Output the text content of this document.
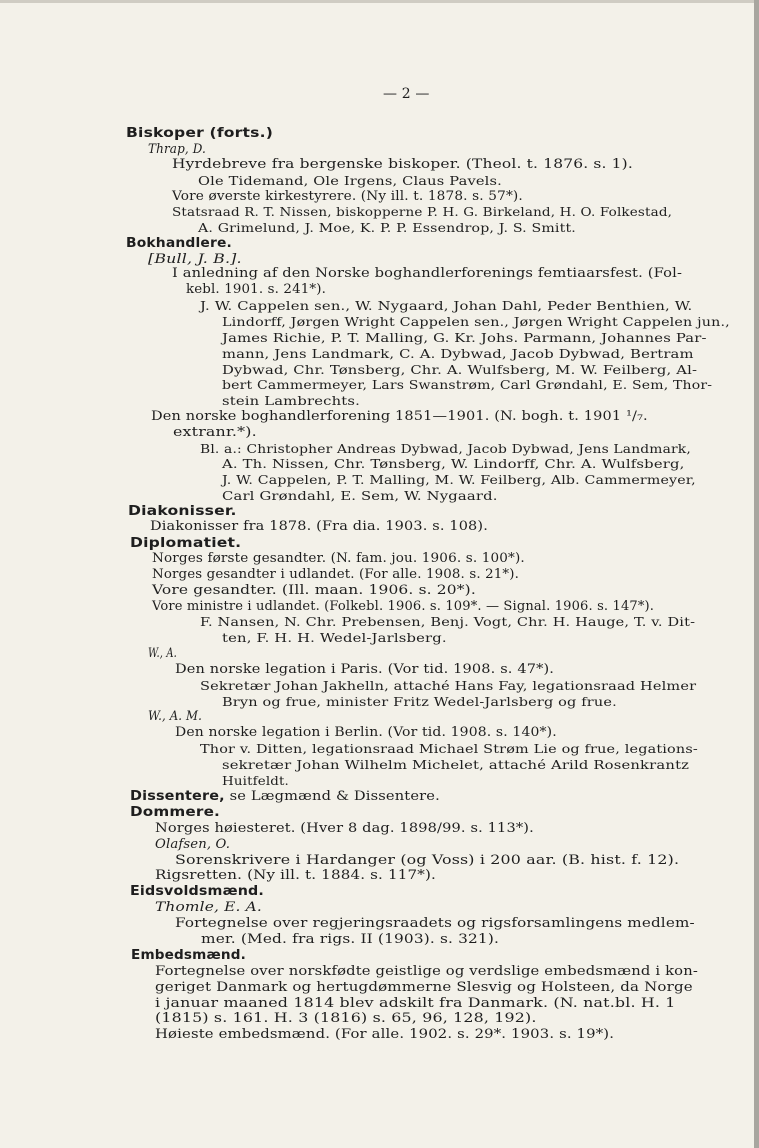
— 2 —
Biskoper (forts.)
Thrap, D.
Hyrdebreve fra bergenske biskoper. (Theol. t. 1876. s. 1).
Ole Tidemand, Ole Irgens, Claus Pavels.
Vore øverste kirkestyrere. (Ny ill. t. 1878. s. 57*).
Statsraad R. T. Nissen, biskopperne P. H. G. Birkeland, H. O. Folkestad,
A. Grimelund, J. Moe, K. P. P. Essendrop, J. S. Smitt.
Bokhandlere.
[Bull, J. B.].
I anledning af den Norske boghandlerforenings femtiaarsfest. (Fol-
kebl. 1901. s. 241*).
J. W. Cappelen sen., W. Nygaard, Johan Dahl, Peder Benthien, W.
Lindorff, Jørgen Wright Cappelen sen., Jørgen Wright Cappelen jun.,
James Richie, P. T. Malling, G. Kr. Johs. Parmann, Johannes Par-
mann, Jens Landmark, C. A. Dybwad, Jacob Dybwad, Bertram
Dybwad, Chr. Tønsberg, Chr. A. Wulfsberg, M. W. Feilberg, Al-
bert Cammermeyer, Lars Swanstrøm, Carl Grøndahl, E. Sem, Thor-
stein Lambrechts.
Den norske boghandlerforening 1851—1901. (N. bogh. t. 1901 ¹/₇.
extranr.*).
Bl. a.: Christopher Andreas Dybwad, Jacob Dybwad, Jens Landmark,
A. Th. Nissen, Chr. Tønsberg, W. Lindorff, Chr. A. Wulfsberg,
J. W. Cappelen, P. T. Malling, M. W. Feilberg, Alb. Cammermeyer,
Carl Grøndahl, E. Sem, W. Nygaard.
Diakonisser.
Diakonisser fra 1878. (Fra dia. 1903. s. 108).
Diplomatiet.
Norges første gesandter. (N. fam. jou. 1906. s. 100*).
Norges gesandter i udlandet. (For alle. 1908. s. 21*).
Vore gesandter. (Ill. maan. 1906. s. 20*).
Vore ministre i udlandet. (Folkebl. 1906. s. 109*. — Signal. 1906. s. 147*).
F. Nansen, N. Chr. Prebensen, Benj. Vogt, Chr. H. Hauge, T. v. Dit-
ten, F. H. H. Wedel-Jarlsberg.
W., A.
Den norske legation i Paris. (Vor tid. 1908. s. 47*).
Sekretær Johan Jakhelln, attaché Hans Fay, legationsraad Helmer
Bryn og frue, minister Fritz Wedel-Jarlsberg og frue.
W., A. M.
Den norske legation i Berlin. (Vor tid. 1908. s. 140*).
Thor v. Ditten, legationsraad Michael Strøm Lie og frue, legations-
sekretær Johan Wilhelm Michelet, attaché Arild Rosenkrantz
Huitfeldt.
Dissentere, se Lægmænd & Dissentere.
Dommere.
Norges høiesteret. (Hver 8 dag. 1898/99. s. 113*).
Olafsen, O.
Sorenskrivere i Hardanger (og Voss) i 200 aar. (B. hist. f. 12).
Rigsretten. (Ny ill. t. 1884. s. 117*).
Eidsvoldsmænd.
Thomle, E. A.
Fortegnelse over regjeringsraadets og rigsforsamlingens medlem-
mer. (Med. fra rigs. II (1903). s. 321).
Embedsmænd.
Fortegnelse over norskfødte geistlige og verdslige embedsmænd i kon-
geriget Danmark og hertugdømmerne Slesvig og Holsteen, da Norge
i januar maaned 1814 blev adskilt fra Danmark. (N. nat.bl. H. 1
(1815) s. 161. H. 3 (1816) s. 65, 96, 128, 192).
Høieste embedsmænd. (For alle. 1902. s. 29*. 1903. s. 19*).
